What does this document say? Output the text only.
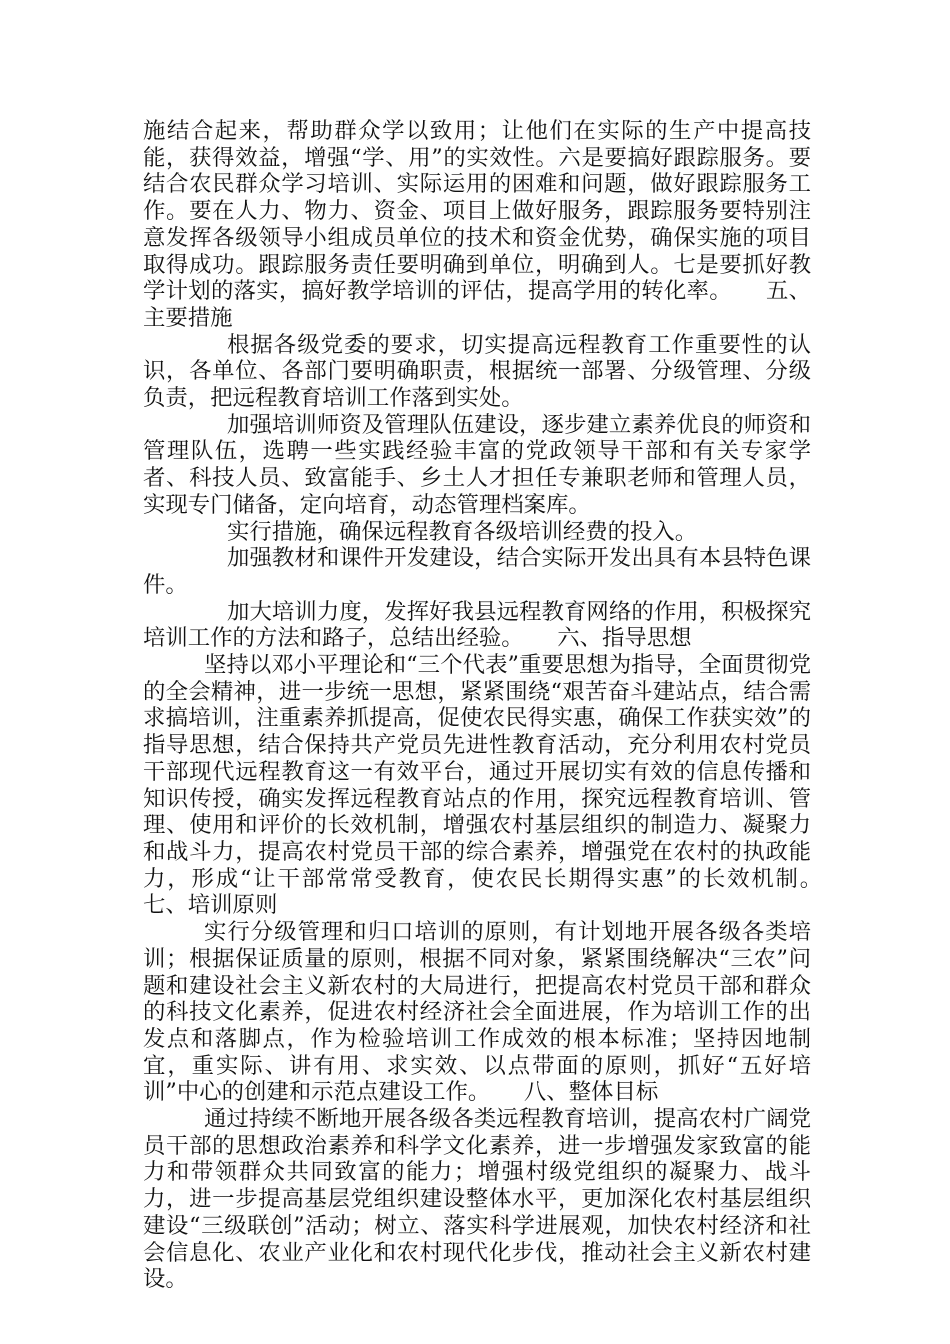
施结合起来，帮助群众学以致用；让他们在实际的生产中提高技能，获得效益，增强“学、用”的实效性。六是要搞好跟踪服务。要结合农民群众学习培训、实际运用的困难和问题，做好跟踪服务工作。要在人力、物力、资金、项目上做好服务，跟踪服务要特别注意发挥各级领导小组成员单位的技术和资金优势，确保实施的项目取得成功。跟踪服务责任要明确到单位，明确到人。七是要抓好教学计划的落实，搞好教学培训的评估，提高学用的转化率。　　五、主要措施

根据各级党委的要求，切实提高远程教育工作重要性的认识，各单位、各部门要明确职责，根据统一部署、分级管理、分级负责，把远程教育培训工作落到实处。

加强培训师资及管理队伍建设，逐步建立素养优良的师资和管理队伍，选聘一些实践经验丰富的党政领导干部和有关专家学者、科技人员、致富能手、乡土人才担任专兼职老师和管理人员，实现专门储备，定向培育，动态管理档案库。

实行措施，确保远程教育各级培训经费的投入。

加强教材和课件开发建设，结合实际开发出具有本县特色课件。

加大培训力度，发挥好我县远程教育网络的作用，积极探究培训工作的方法和路子，总结出经验。　　六、指导思想

坚持以邓小平理论和“三个代表”重要思想为指导，全面贯彻党的全会精神，进一步统一思想，紧紧围绕“艰苦奋斗建站点，结合需求搞培训，注重素养抓提高，促使农民得实惠，确保工作获实效”的指导思想，结合保持共产党员先进性教育活动，充分利用农村党员干部现代远程教育这一有效平台，通过开展切实有效的信息传播和知识传授，确实发挥远程教育站点的作用，探究远程教育培训、管理、使用和评价的长效机制，增强农村基层组织的制造力、凝聚力和战斗力，提高农村党员干部的综合素养，增强党在农村的执政能力，形成“让干部常常受教育，使农民长期得实惠”的长效机制。　　七、培训原则

实行分级管理和归口培训的原则，有计划地开展各级各类培训；根据保证质量的原则，根据不同对象，紧紧围绕解决“三农”问题和建设社会主义新农村的大局进行，把提高农村党员干部和群众的科技文化素养，促进农村经济社会全面进展，作为培训工作的出发点和落脚点，作为检验培训工作成效的根本标准；坚持因地制宜，重实际、讲有用、求实效、以点带面的原则，抓好“五好培训”中心的创建和示范点建设工作。　　八、整体目标

通过持续不断地开展各级各类远程教育培训，提高农村广阔党员干部的思想政治素养和科学文化素养，进一步增强发家致富的能力和带领群众共同致富的能力；增强村级党组织的凝聚力、战斗力，进一步提高基层党组织建设整体水平，更加深化农村基层组织建设“三级联创”活动；树立、落实科学进展观，加快农村经济和社会信息化、农业产业化和农村现代化步伐，推动社会主义新农村建设。
